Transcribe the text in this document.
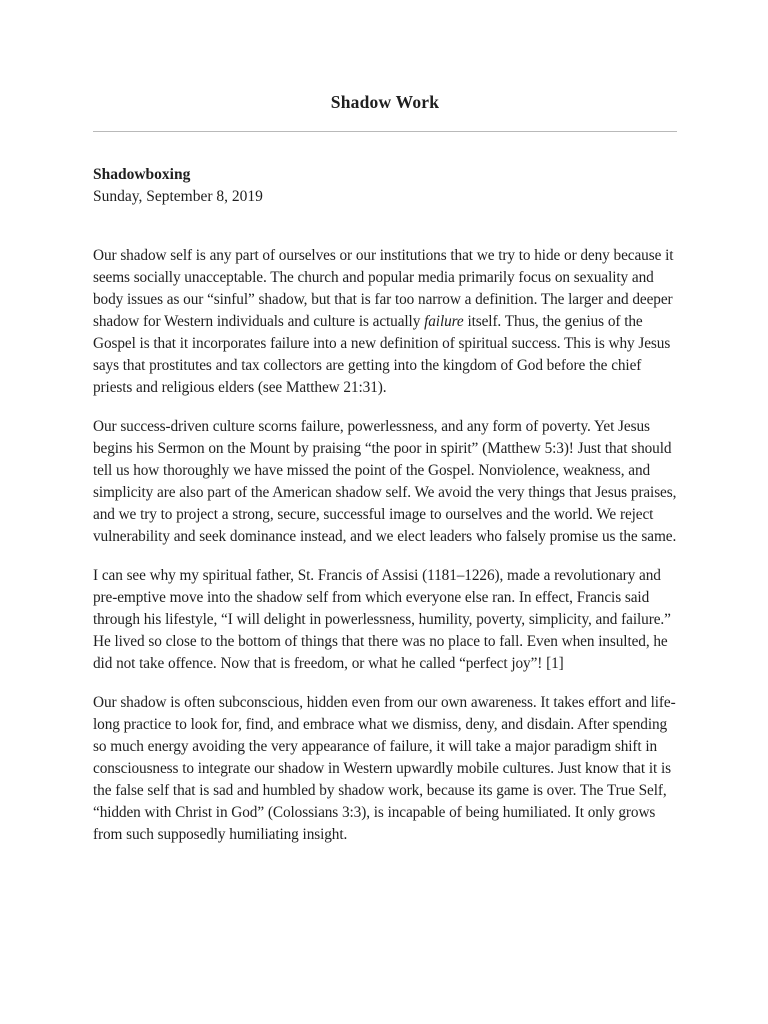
Shadow Work
Shadowboxing

Sunday, September 8, 2019

Our shadow self is any part of ourselves or our institutions that we try to hide or deny because it seems socially unacceptable. The church and popular media primarily focus on sexuality and body issues as our “sinful” shadow, but that is far too narrow a definition. The larger and deeper shadow for Western individuals and culture is actually failure itself. Thus, the genius of the Gospel is that it incorporates failure into a new definition of spiritual success. This is why Jesus says that prostitutes and tax collectors are getting into the kingdom of God before the chief priests and religious elders (see Matthew 21:31).

Our success-driven culture scorns failure, powerlessness, and any form of poverty. Yet Jesus begins his Sermon on the Mount by praising “the poor in spirit” (Matthew 5:3)! Just that should tell us how thoroughly we have missed the point of the Gospel. Nonviolence, weakness, and simplicity are also part of the American shadow self. We avoid the very things that Jesus praises, and we try to project a strong, secure, successful image to ourselves and the world. We reject vulnerability and seek dominance instead, and we elect leaders who falsely promise us the same.

I can see why my spiritual father, St. Francis of Assisi (1181–1226), made a revolutionary and pre-emptive move into the shadow self from which everyone else ran. In effect, Francis said through his lifestyle, “I will delight in powerlessness, humility, poverty, simplicity, and failure.” He lived so close to the bottom of things that there was no place to fall. Even when insulted, he did not take offence. Now that is freedom, or what he called “perfect joy”! [1]

Our shadow is often subconscious, hidden even from our own awareness. It takes effort and life-long practice to look for, find, and embrace what we dismiss, deny, and disdain. After spending so much energy avoiding the very appearance of failure, it will take a major paradigm shift in consciousness to integrate our shadow in Western upwardly mobile cultures. Just know that it is the false self that is sad and humbled by shadow work, because its game is over. The True Self, “hidden with Christ in God” (Colossians 3:3), is incapable of being humiliated. It only grows from such supposedly humiliating insight.
